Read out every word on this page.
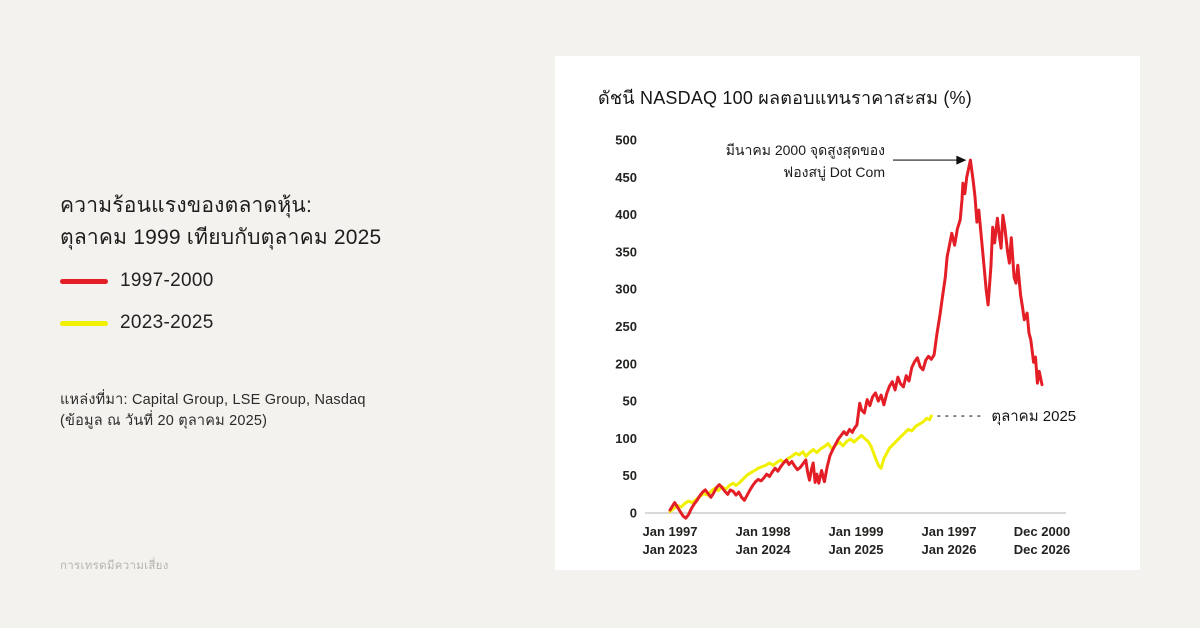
ความร้อนแรงของตลาดหุ้น:
ตุลาคม 1999 เทียบกับตุลาคม 2025
1997-2000
2023-2025

แหล่งที่มา: Capital Group, LSE Group, Nasdaq
(ข้อมูล ณ วันที่ 20 ตุลาคม 2025)

การเทรดมีความเสี่ยง

ดัชนี NASDAQ 100 ผลตอบแทนราคาสะสม (%)
500
450
400
350
300
250
200
50
100
50
0
Jan 1997
Jan 2023
Jan 1998
Jan 2024
Jan 1999
Jan 2025
Jan 1997
Jan 2026
Dec 2000
Dec 2026
มีนาคม 2000 จุดสูงสุดของ
ฟองสบู่ Dot Com
ตุลาคม 2025
